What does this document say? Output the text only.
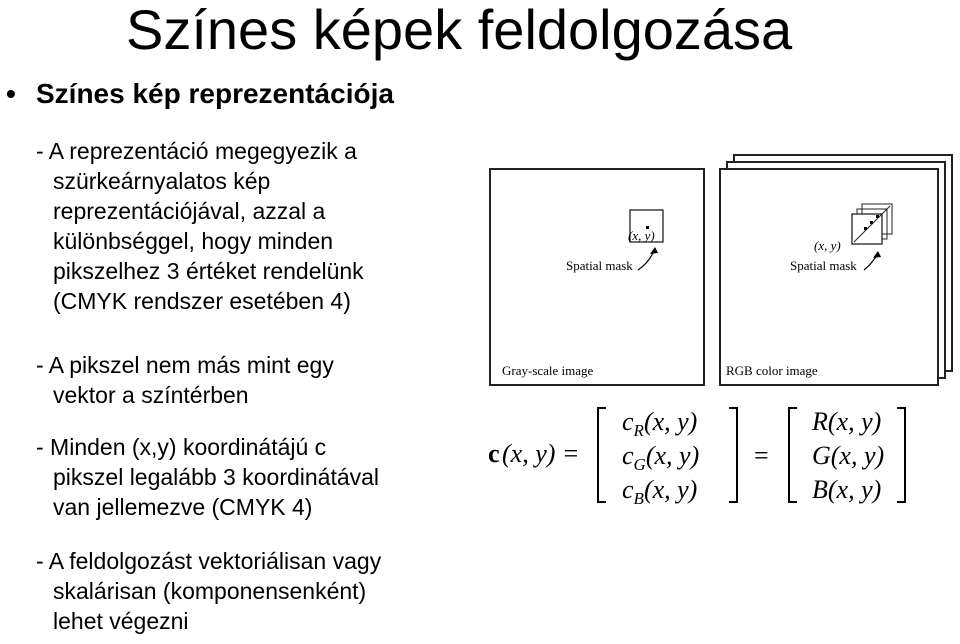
Színes képek feldolgozása
• Színes kép reprezentációja
- A reprezentáció megegyezik a
szürkeárnyalatos kép
reprezentációjával, azzal a
különbséggel, hogy minden
pikszelhez 3 értéket rendelünk
(CMYK rendszer esetében 4)
- A pikszel nem más mint egy
vektor a színtérben
- Minden (x,y) koordinátájú c
pikszel legalább 3 koordinátával
van jellemezve (CMYK 4)
- A feldolgozást vektoriálisan vagy
skalárisan (komponensenként)
lehet végezni
(x, y)
Spatial mask
Gray-scale image
(x, y)
Spatial mask
RGB color image
c (x, y) =
$c_R(x$, y)
$c_G(x$, y)
$c_B(x$, y)
=
R(x, y)
G(x, y)
B(x, y)
